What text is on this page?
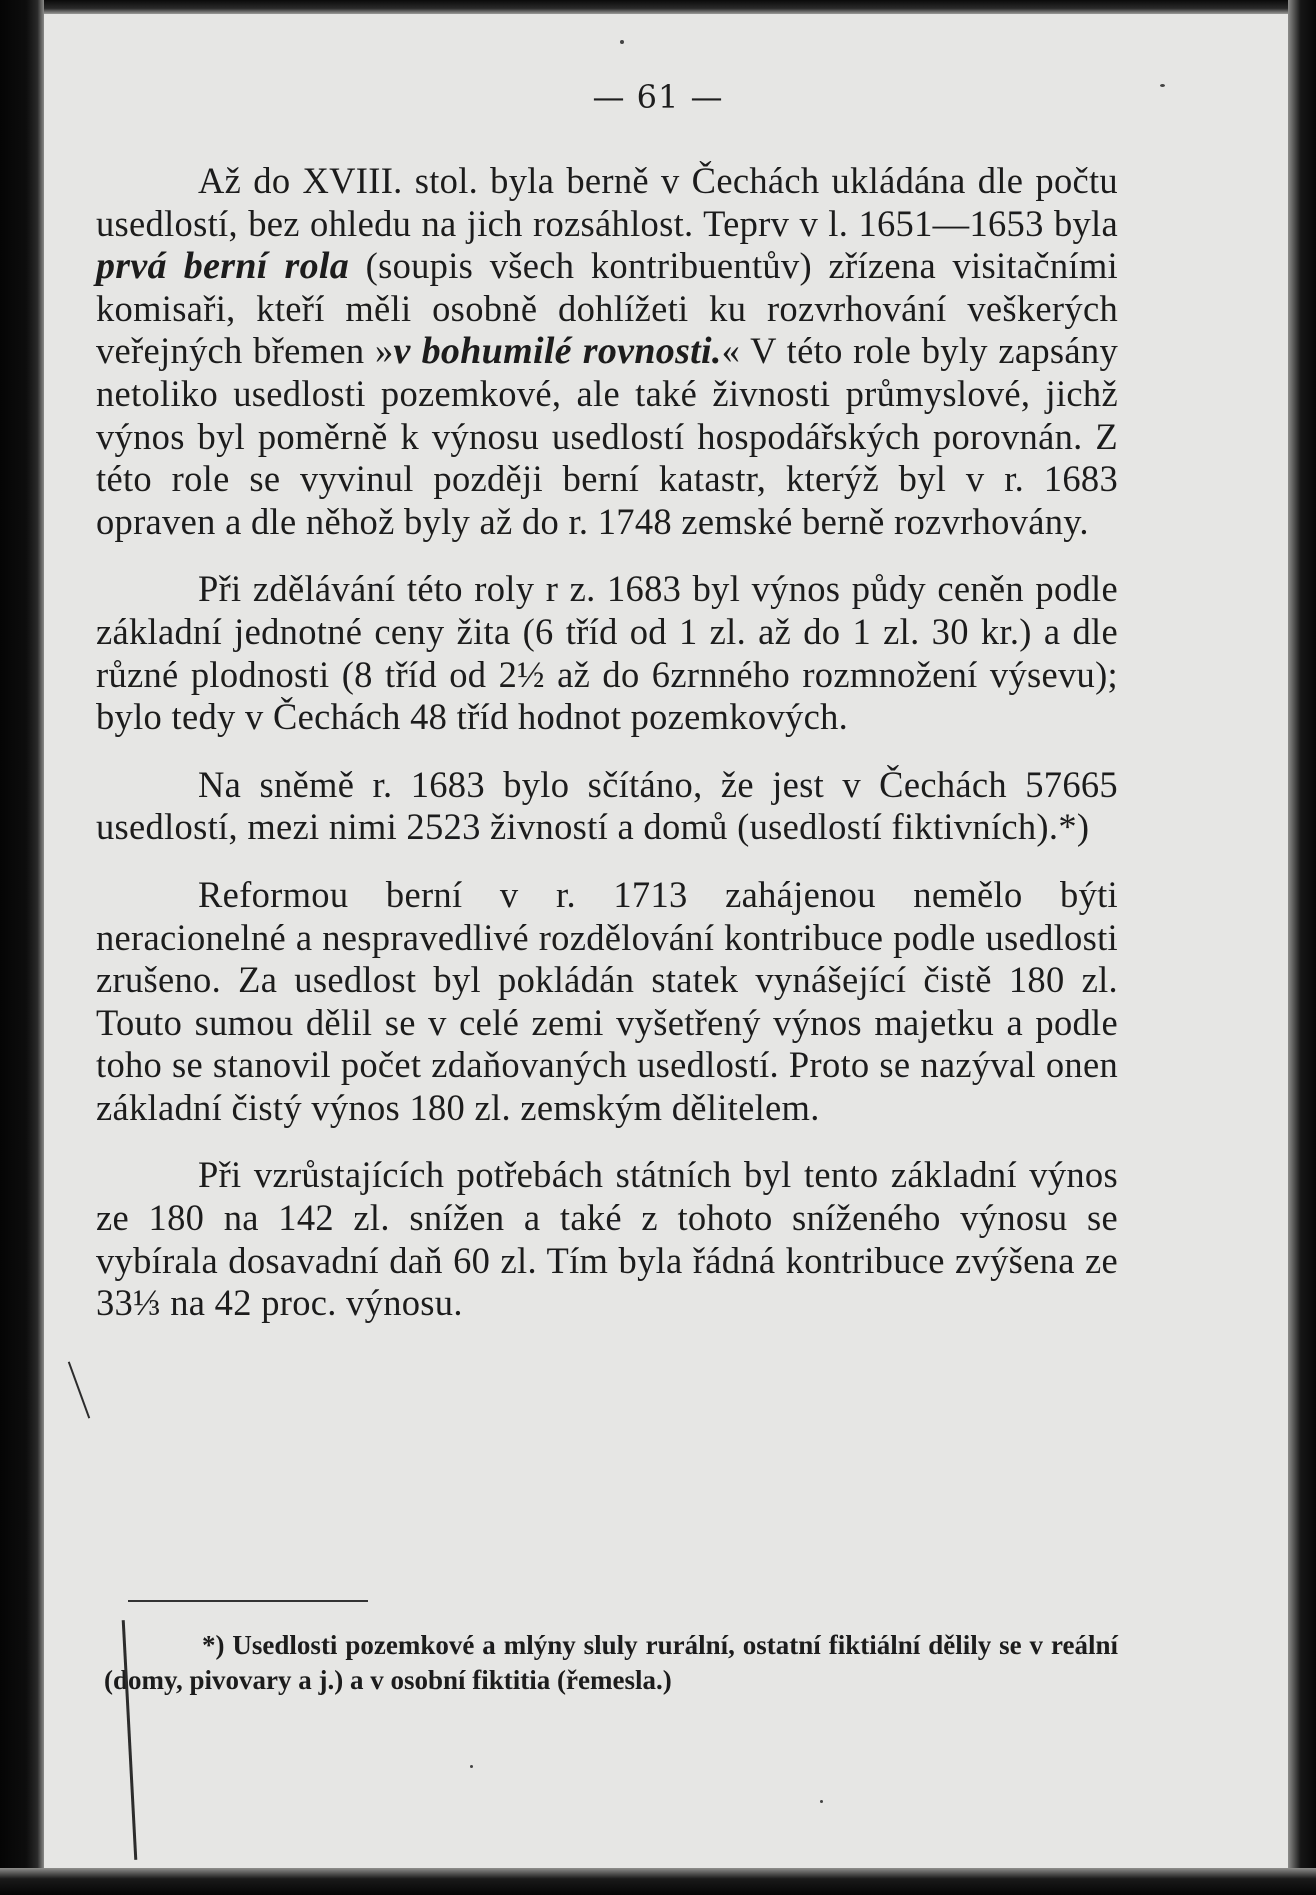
— 61 —

Až do XVIII. stol. byla berně v Čechách ukládána dle počtu usedlostí, bez ohledu na jich rozsáhlost. Teprv v l. 1651—1653 byla prvá berní rola (soupis všech kontribuentův) zřízena visitačními komisaři, kteří měli osobně dohlížeti ku rozvrhování veškerých veřejných břemen »v bohumilé rovnosti.« V této role byly zapsány netoliko usedlosti pozemkové, ale také živnosti průmyslové, jichž výnos byl poměrně k výnosu usedlostí hospodářských porovnán. Z této role se vyvinul později berní katastr, kterýž byl v r. 1683 opraven a dle něhož byly až do r. 1748 zemské berně rozvrhovány.

Při zdělávání této roly r z. 1683 byl výnos půdy ceněn podle základní jednotné ceny žita (6 tříd od 1 zl. až do 1 zl. 30 kr.) a dle různé plodnosti (8 tříd od 2½ až do 6zrnného rozmnožení výsevu); bylo tedy v Čechách 48 tříd hodnot pozemkových.

Na sněmě r. 1683 bylo sčítáno, že jest v Čechách 57665 usedlostí, mezi nimi 2523 živností a domů (usedlostí fiktivních).*)

Reformou berní v r. 1713 zahájenou nemělo býti neracionelné a nespravedlivé rozdělování kontribuce podle usedlosti zrušeno. Za usedlost byl pokládán statek vynášející čistě 180 zl. Touto sumou dělil se v celé zemi vyšetřený výnos majetku a podle toho se stanovil počet zdaňovaných usedlostí. Proto se nazýval onen základní čistý výnos 180 zl. zemským dělitelem.

Při vzrůstajících potřebách státních byl tento základní výnos ze 180 na 142 zl. snížen a také z tohoto sníženého výnosu se vybírala dosavadní daň 60 zl. Tím byla řádná kontribuce zvýšena ze 33⅓ na 42 proc. výnosu.

*) Usedlosti pozemkové a mlýny sluly rurální, ostatní fiktiální dělily se v reální (domy, pivovary a j.) a v osobní fiktitia (řemesla.)
